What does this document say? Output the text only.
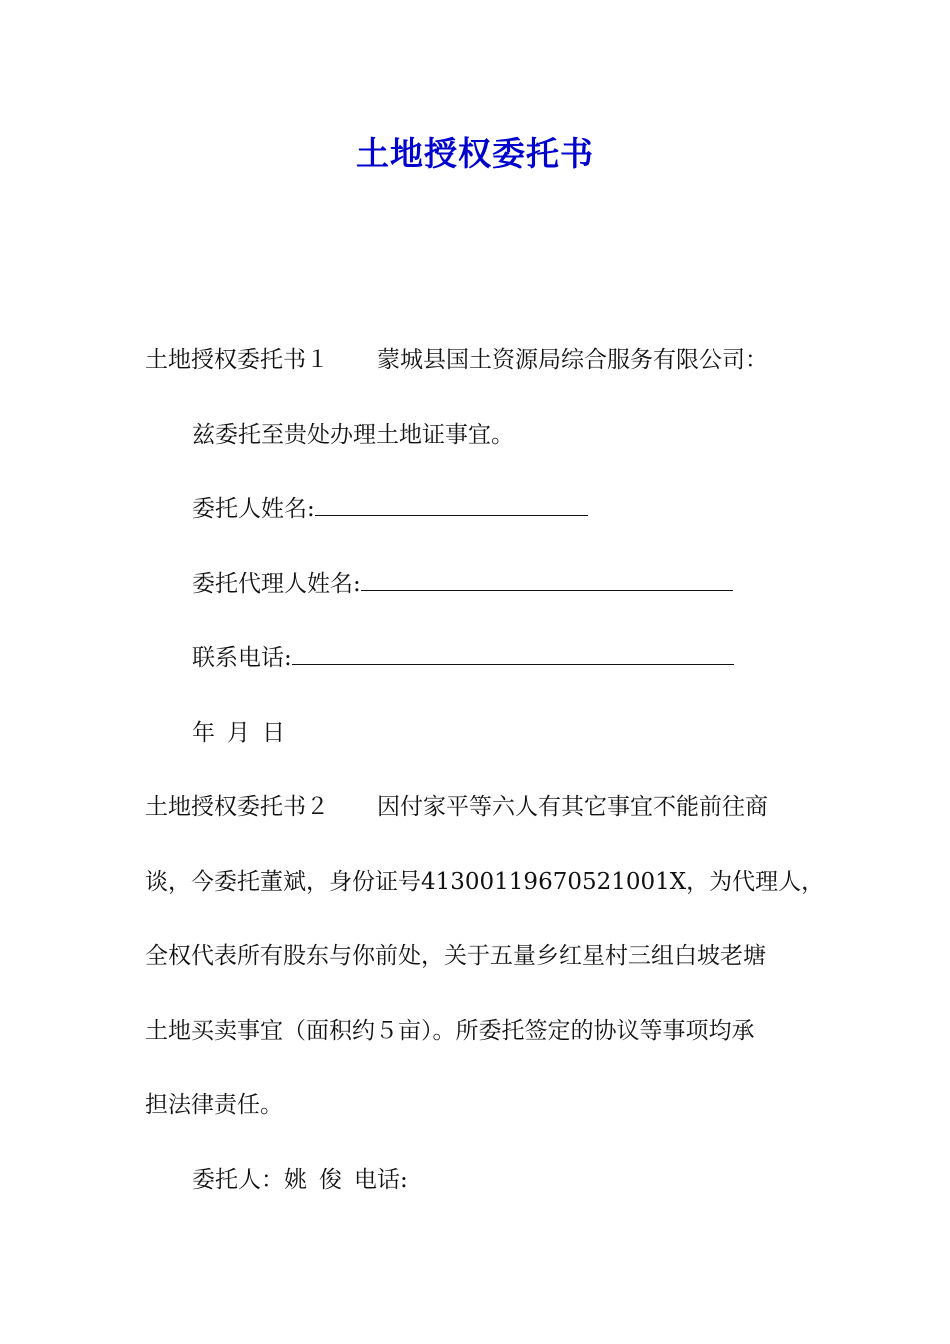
土地授权委托书

土地授权委托书１ 蒙城县国土资源局综合服务有限公司：

兹委托至贵处办理土地证事宜。

委托人姓名:

委托代理人姓名:

联系电话:

年 月 日

土地授权委托书２ 因付家平等六人有其它事宜不能前往商

谈，今委托董斌，身份证号41300119670521001X，为代理人，

全权代表所有股东与你前处，关于五量乡红星村三组白坡老塘

土地买卖事宜（面积约５亩）。所委托签定的协议等事项均承

担法律责任。

委托人：姚 俊 电话:
